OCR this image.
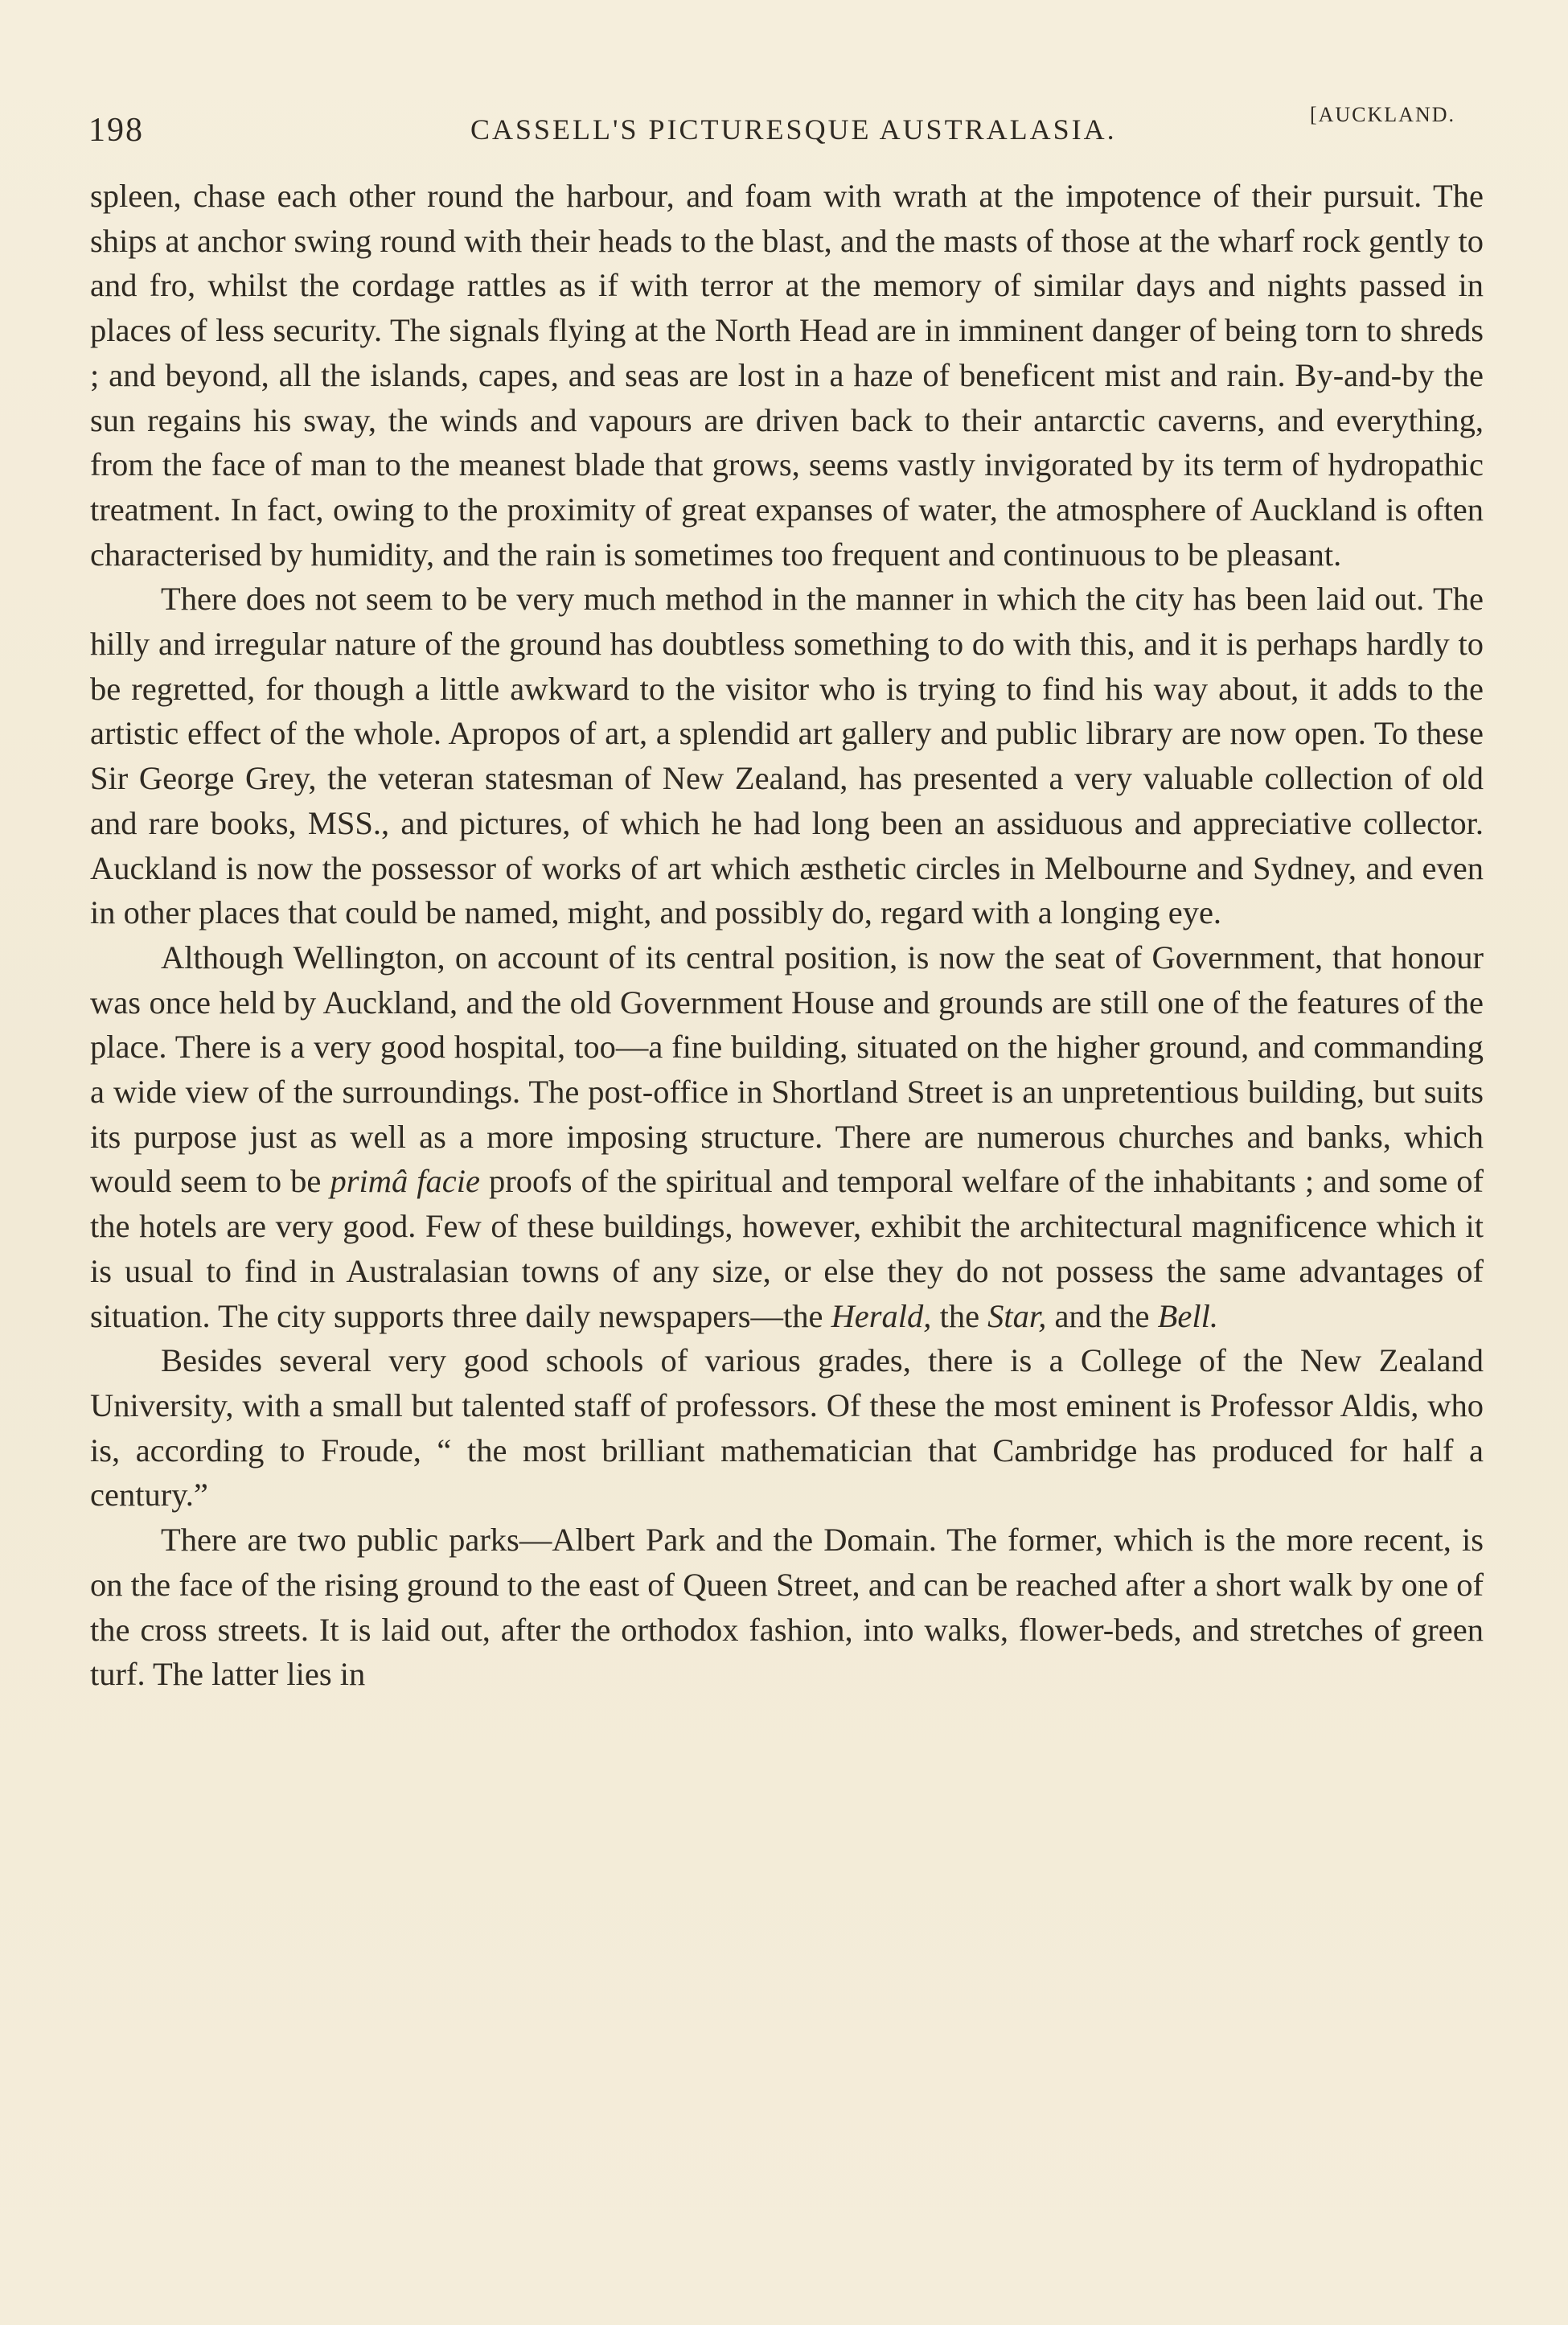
198	CASSELL'S PICTURESQUE AUSTRALASIA.	[AUCKLAND.

spleen, chase each other round the harbour, and foam with wrath at the impotence of their pursuit. The ships at anchor swing round with their heads to the blast, and the masts of those at the wharf rock gently to and fro, whilst the cordage rattles as if with terror at the memory of similar days and nights passed in places of less security. The signals flying at the North Head are in imminent danger of being torn to shreds ; and beyond, all the islands, capes, and seas are lost in a haze of beneficent mist and rain. By-and-by the sun regains his sway, the winds and vapours are driven back to their antarctic caverns, and everything, from the face of man to the meanest blade that grows, seems vastly invigorated by its term of hydropathic treatment. In fact, owing to the proximity of great expanses of water, the atmosphere of Auckland is often characterised by humidity, and the rain is sometimes too frequent and continuous to be pleasant.

There does not seem to be very much method in the manner in which the city has been laid out. The hilly and irregular nature of the ground has doubtless something to do with this, and it is perhaps hardly to be regretted, for though a little awkward to the visitor who is trying to find his way about, it adds to the artistic effect of the whole. Apropos of art, a splendid art gallery and public library are now open. To these Sir George Grey, the veteran statesman of New Zealand, has presented a very valuable collection of old and rare books, MSS., and pictures, of which he had long been an assiduous and appreciative collector. Auckland is now the possessor of works of art which æsthetic circles in Melbourne and Sydney, and even in other places that could be named, might, and possibly do, regard with a longing eye.

Although Wellington, on account of its central position, is now the seat of Government, that honour was once held by Auckland, and the old Government House and grounds are still one of the features of the place. There is a very good hospital, too—a fine building, situated on the higher ground, and commanding a wide view of the surroundings. The post-office in Shortland Street is an unpretentious building, but suits its purpose just as well as a more imposing structure. There are numerous churches and banks, which would seem to be primâ facie proofs of the spiritual and temporal welfare of the inhabitants ; and some of the hotels are very good. Few of these buildings, however, exhibit the architectural magnificence which it is usual to find in Australasian towns of any size, or else they do not possess the same advantages of situation. The city supports three daily newspapers—the Herald, the Star, and the Bell.

Besides several very good schools of various grades, there is a College of the New Zealand University, with a small but talented staff of professors. Of these the most eminent is Professor Aldis, who is, according to Froude, “ the most brilliant mathematician that Cambridge has produced for half a century.”

There are two public parks—Albert Park and the Domain. The former, which is the more recent, is on the face of the rising ground to the east of Queen Street, and can be reached after a short walk by one of the cross streets. It is laid out, after the orthodox fashion, into walks, flower-beds, and stretches of green turf. The latter lies in
